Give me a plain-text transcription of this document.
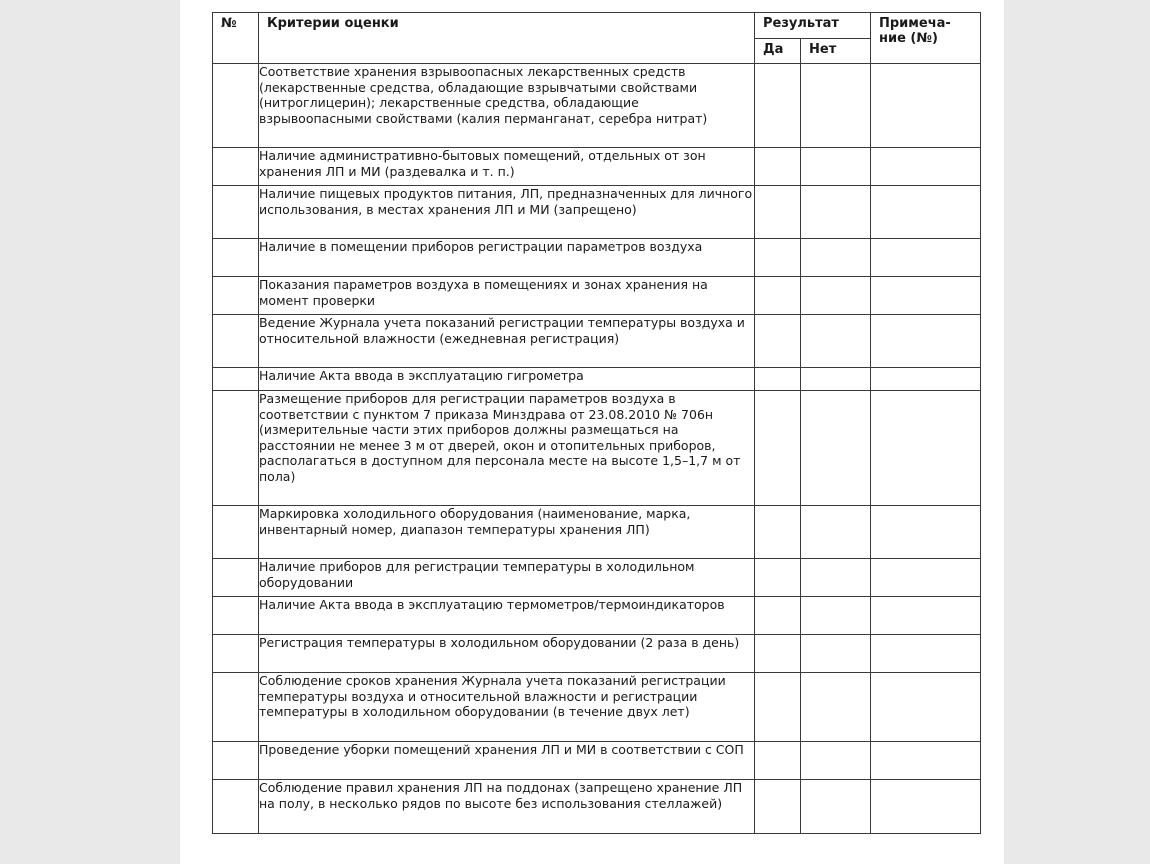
№	Критерии оценки	Результат		Примеча-ние (№)
		Да	Нет	
	Соответствие хранения взрывоопасных лекарственных средств (лекарственные средства, обладающие взрывчатыми свойствами (нитроглицерин); лекарственные средства, обладающие взрывоопасными свойствами (калия перманганат, серебра нитрат)			
	Наличие административно-бытовых помещений, отдельных от зон хранения ЛП и МИ (раздевалка и т. п.)			
	Наличие пищевых продуктов питания, ЛП, предназначенных для личного использования, в местах хранения ЛП и МИ (запрещено)			
	Наличие в помещении приборов регистрации параметров воздуха			
	Показания параметров воздуха в помещениях и зонах хранения на момент проверки			
	Ведение Журнала учета показаний регистрации температуры воздуха и относительной влажности (ежедневная регистрация)			
	Наличие Акта ввода в эксплуатацию гигрометра			
	Размещение приборов для регистрации параметров воздуха в соответствии с пунктом 7 приказа Минздрава от 23.08.2010 № 706н (измерительные части этих приборов должны размещаться на расстоянии не менее 3 м от дверей, окон и отопительных приборов, располагаться в доступном для персонала месте на высоте 1,5–1,7 м от пола)			
	Маркировка холодильного оборудования (наименование, марка, инвентарный номер, диапазон температуры хранения ЛП)			
	Наличие приборов для регистрации температуры в холодильном оборудовании			
	Наличие Акта ввода в эксплуатацию термометров/термоиндикаторов			
	Регистрация температуры в холодильном оборудовании (2 раза в день)			
	Соблюдение сроков хранения Журнала учета показаний регистрации температуры воздуха и относительной влажности и регистрации температуры в холодильном оборудовании (в течение двух лет)			
	Проведение уборки помещений хранения ЛП и МИ в соответствии с СОП			
	Соблюдение правил хранения ЛП на поддонах (запрещено хранение ЛП на полу, в несколько рядов по высоте без использования стеллажей)			
